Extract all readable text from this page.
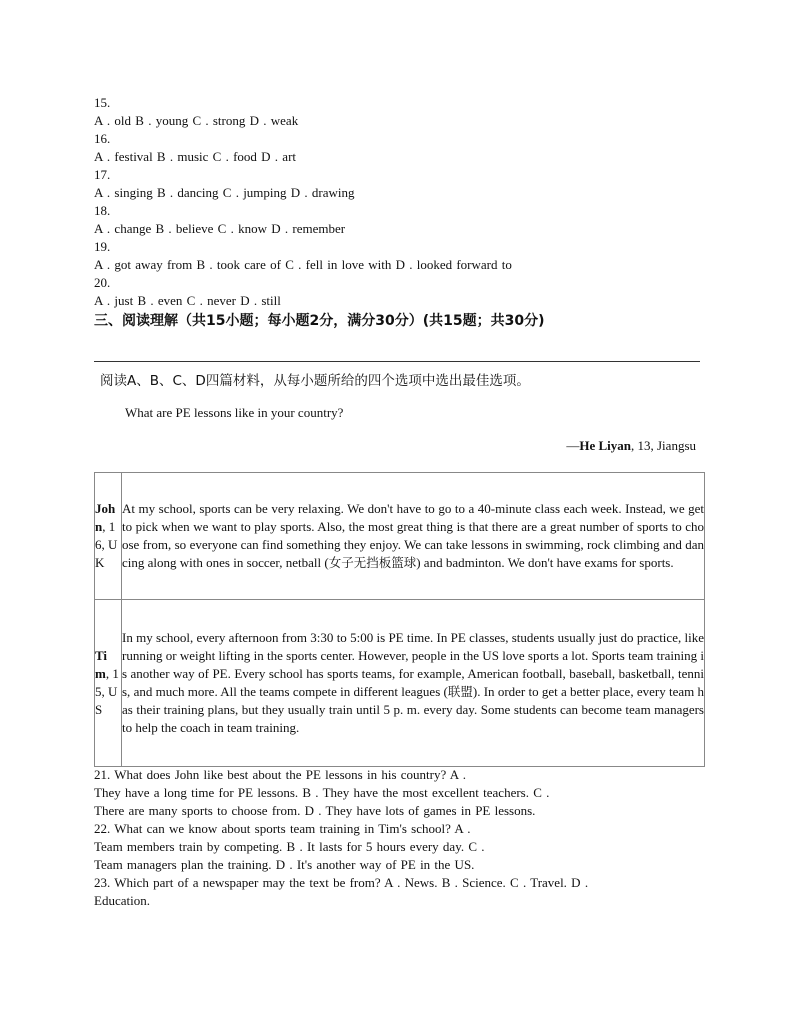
15.
A . old B . young C . strong D . weak
16.
A . festival B . music C . food D . art
17.
A . singing B . dancing C . jumping D . drawing
18.
A . change B . believe C . know D . remember
19.
A . got away from B . took care of C . fell in love with D . looked forward to
20.
A . just B . even C . never D . still
三、阅读理解（共15小题；每小题2分，满分30分）(共15题；共30分)
阅读A、B、C、D四篇材料，从每小题所给的四个选项中选出最佳选项。
What are PE lessons like in your country?
—He Liyan, 13, Jiangsu
John, 16, UK	At my school, sports can be very relaxing. We don't have to go to a 40-minute class each week. Instead, we get to pick when we want to play sports. Also, the most great thing is that there are a great number of sports to choose from, so everyone can find something they enjoy. We can take lessons in swimming, rock climbing and dancing along with ones in soccer, netball (女子无挡板篮球) and badminton. We don't have exams for sports.
Tim, 15, US	In my school, every afternoon from 3:30 to 5:00 is PE time. In PE classes, students usually just do practice, like running or weight lifting in the sports center. However, people in the US love sports a lot. Sports team training is another way of PE. Every school has sports teams, for example, American football, baseball, basketball, tennis, and much more. All the teams compete in different leagues (联盟). In order to get a better place, every team has their training plans, but they usually train until 5 p. m. every day. Some students can become team managers to help the coach in team training.
21. What does John like best about the PE lessons in his country? A .
They have a long time for PE lessons. B . They have the most excellent teachers. C .
There are many sports to choose from. D . They have lots of games in PE lessons.
22. What can we know about sports team training in Tim's school? A .
Team members train by competing. B . It lasts for 5 hours every day. C .
Team managers plan the training. D . It's another way of PE in the US.
23. Which part of a newspaper may the text be from? A . News. B . Science. C . Travel. D .
Education.
